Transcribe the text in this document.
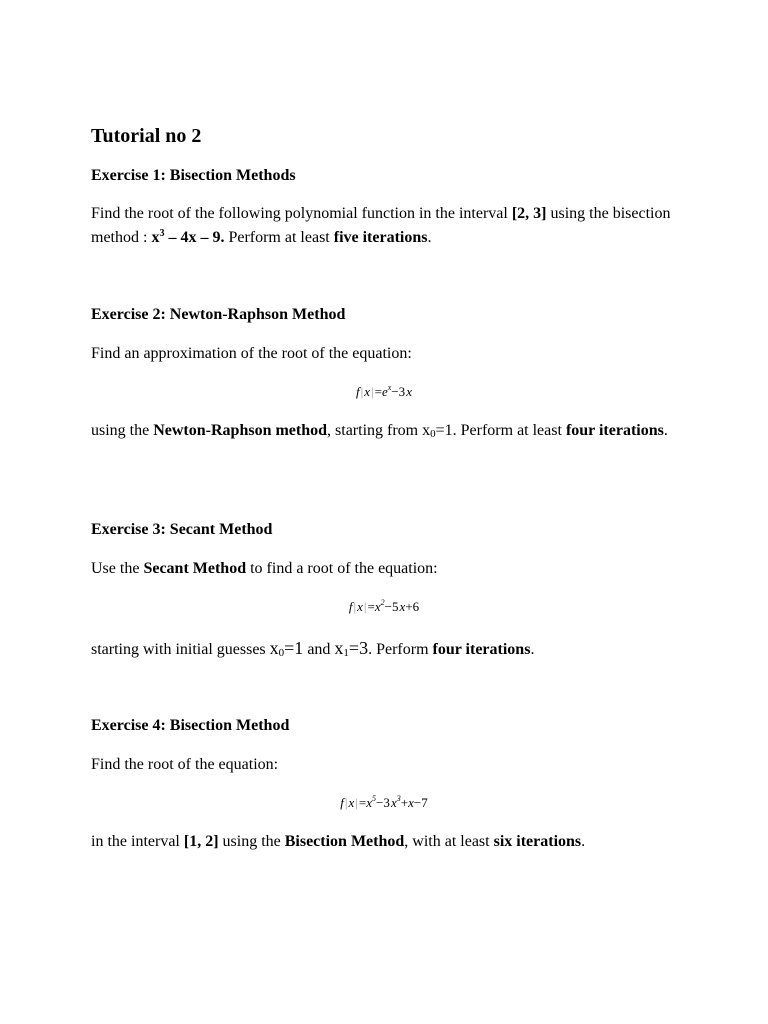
Tutorial no 2

Exercise 1: Bisection Methods

Find the root of the following polynomial function in the interval [2, 3] using the bisection method : $x^3 - 4x - 9$. Perform at least five iterations.

Exercise 2: Newton-Raphson Method

Find an approximation of the root of the equation:

$f|x|=e^x-3$ x

using the Newton-Raphson method, starting from $x_0=1$. Perform at least four iterations.

Exercise 3: Secant Method

Use the Secant Method to find a root of the equation:

$f|x|=x^2-5$ x+6

starting with initial guesses $x_0=1$ and $x_1=3$. Perform four iterations.

Exercise 4: Bisection Method

Find the root of the equation:

$f|x|=x^5-3$ $x^3+x-7$

in the interval [1, 2] using the Bisection Method, with at least six iterations.
